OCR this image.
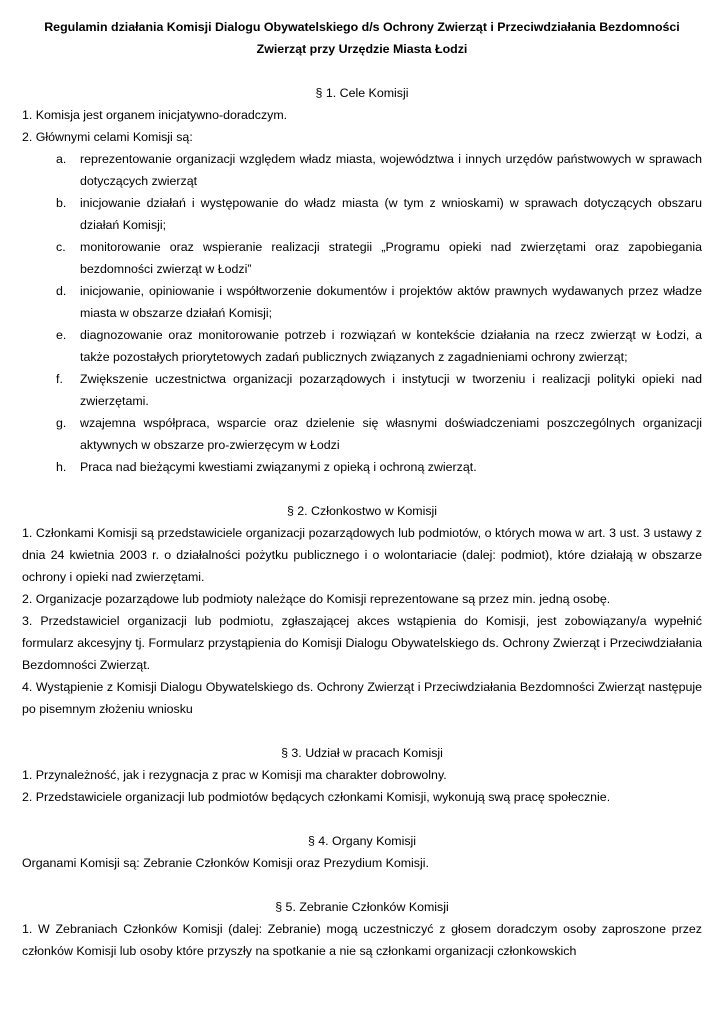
Regulamin działania Komisji Dialogu Obywatelskiego d/s Ochrony Zwierząt i Przeciwdziałania Bezdomności
Zwierząt przy Urzędzie Miasta Łodzi
§ 1. Cele Komisji

1. Komisja jest organem inicjatywno-doradczym.

2. Głównymi celami Komisji są:

a. reprezentowanie organizacji względem władz miasta, województwa i innych urzędów państwowych w sprawach dotyczących zwierząt
b. inicjowanie działań i występowanie do władz miasta (w tym z wnioskami) w sprawach dotyczących obszaru działań Komisji;
c. monitorowanie oraz wspieranie realizacji strategii „Programu opieki nad zwierzętami oraz zapobiegania bezdomności zwierząt w Łodzi”
d. inicjowanie, opiniowanie i współtworzenie dokumentów i projektów aktów prawnych wydawanych przez władze miasta w obszarze działań Komisji;
e. diagnozowanie oraz monitorowanie potrzeb i rozwiązań w kontekście działania na rzecz zwierząt w Łodzi, a także pozostałych priorytetowych zadań publicznych związanych z zagadnieniami ochrony zwierząt;
f. Zwiększenie uczestnictwa organizacji pozarządowych i instytucji w tworzeniu i realizacji polityki opieki nad zwierzętami.
g. wzajemna współpraca, wsparcie oraz dzielenie się własnymi doświadczeniami poszczególnych organizacji aktywnych w obszarze pro-zwierzęcym w Łodzi
h. Praca nad bieżącymi kwestiami związanymi z opieką i ochroną zwierząt.
§ 2. Członkostwo w Komisji

1. Członkami Komisji są przedstawiciele organizacji pozarządowych lub podmiotów, o których mowa w art. 3 ust. 3 ustawy z dnia 24 kwietnia 2003 r. o działalności pożytku publicznego i o wolontariacie (dalej: podmiot), które działają w obszarze ochrony i opieki nad zwierzętami.

2. Organizacje pozarządowe lub podmioty należące do Komisji reprezentowane są przez min. jedną osobę.

3. Przedstawiciel organizacji lub podmiotu, zgłaszającej akces wstąpienia do Komisji, jest zobowiązany/a wypełnić formularz akcesyjny tj. Formularz przystąpienia do Komisji Dialogu Obywatelskiego ds. Ochrony Zwierząt i Przeciwdziałania Bezdomności Zwierząt.

4. Wystąpienie z Komisji Dialogu Obywatelskiego ds. Ochrony Zwierząt i Przeciwdziałania Bezdomności Zwierząt następuje po pisemnym złożeniu wniosku

§ 3. Udział w pracach Komisji

1. Przynależność, jak i rezygnacja z prac w Komisji ma charakter dobrowolny.

2. Przedstawiciele organizacji lub podmiotów będących członkami Komisji, wykonują swą pracę społecznie.

§ 4. Organy Komisji

Organami Komisji są: Zebranie Członków Komisji oraz Prezydium Komisji.

§ 5. Zebranie Członków Komisji

1. W Zebraniach Członków Komisji (dalej: Zebranie) mogą uczestniczyć z głosem doradczym osoby zaproszone przez członków Komisji lub osoby które przyszły na spotkanie a nie są członkami organizacji członkowskich
